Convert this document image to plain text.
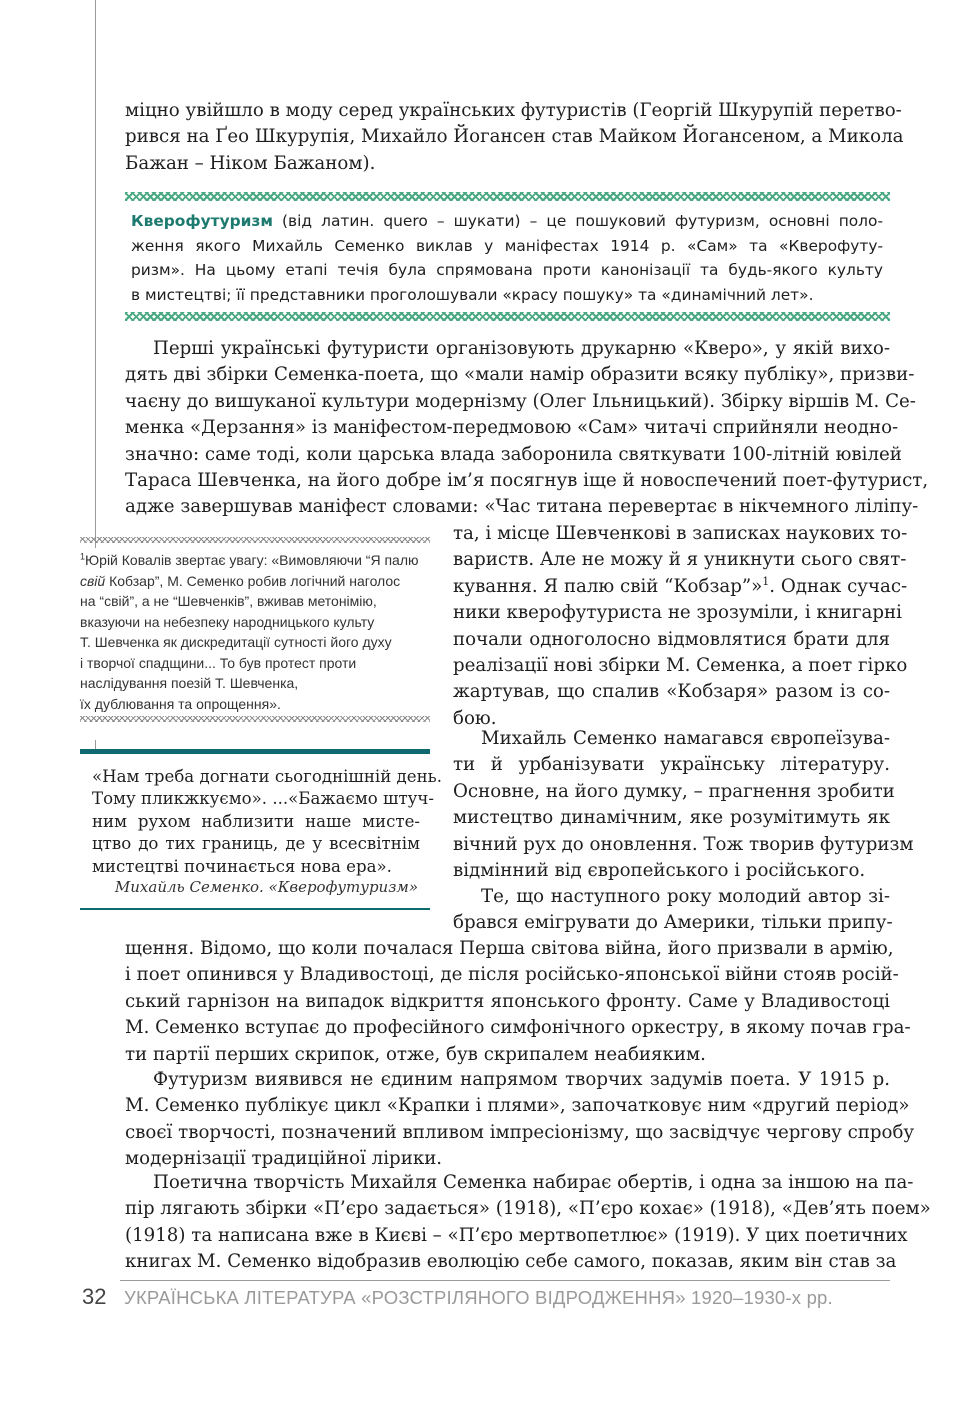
міцно увійшло в моду серед українських футуристів (Георгій Шкурупій перетво-
рився на Ґео Шкурупія, Михайло Йогансен став Майком Йогансеном, а Микола
Бажан – Ніком Бажаном).
Кверофутуризм (від латин. quero – шукати) – це пошуковий футуризм, основні поло-
ження якого Михайль Семенко виклав у маніфестах 1914 р. «Сам» та «Кверофуту-
ризм». На цьому етапі течія була спрямована проти канонізації та будь-якого культу
в мистецтві; її представники проголошували «красу пошуку» та «динамічний лет».
Перші українські футуристи організовують друкарню «Кверо», у якій вихо-
дять дві збірки Семенка-поета, що «мали намір образити всяку публіку», призви-
чаєну до вишуканої культури модернізму (Олег Ільницький). Збірку віршів М. Се-
менка «Дерзання» із маніфестом-передмовою «Сам» читачі сприйняли неодно-
значно: саме тоді, коли царська влада заборонила святкувати 100-літній ювілей
Тараса Шевченка, на його добре ім’я посягнув іще й новоспечений поет-футурист,
адже завершував маніфест словами: «Час титана перевертає в нікчемного ліліпу-
та, і місце Шевченкові в записках наукових то-
вариств. Але не можу й я уникнути сього свят-
кування. Я палю свій “Кобзар”»$^1$. Однак сучас-
ники кверофутуриста не зрозуміли, і книгарні
почали одноголосно відмовлятися брати для
реалізації нові збірки М. Семенка, а поет гірко
жартував, що спалив «Кобзаря» разом із со-
бою.
Михайль Семенко намагався європеїзува-
ти й урбанізувати українську літературу.
Основне, на його думку, – прагнення зробити
мистецтво динамічним, яке розумітимуть як
вічний рух до оновлення. Тож творив футуризм
відмінний від європейського і російського.
Те, що наступного року молодий автор зі-
брався емігрувати до Америки, тільки припу-
щення. Відомо, що коли почалася Перша світова війна, його призвали в армію,
і поет опинився у Владивостоці, де після російсько-японської війни стояв росій-
ський гарнізон на випадок відкриття японського фронту. Саме у Владивостоці
М. Семенко вступає до професійного симфонічного оркестру, в якому почав гра-
ти партії перших скрипок, отже, був скрипалем неабияким.
Футуризм виявився не єдиним напрямом творчих задумів поета. У 1915 р.
М. Семенко публікує цикл «Крапки і плями», започатковує ним «другий період»
своєї творчості, позначений впливом імпресіонізму, що засвідчує чергову спробу
модернізації традиційної лірики.
Поетична творчість Михайля Семенка набирає обертів, і одна за іншою на па-
пір лягають збірки «П’єро задається» (1918), «П’єро кохає» (1918), «Дев’ять поем»
(1918) та написана вже в Києві – «П’єро мертвопетлює» (1919). У цих поетичних
книгах М. Семенко відобразив еволюцію себе самого, показав, яким він став за
$^1$Юрій Ковалів звертає увагу: «Вимовляючи “Я палю
свій Кобзар”, М. Семенко робив логічний наголос
на “свій”, а не “Шевченків”, вживав метонімію,
вказуючи на небезпеку народницького культу
Т. Шевченка як дискредитації сутності його духу
і творчої спадщини... То був протест проти
наслідування поезій Т. Шевченка,
їх дублювання та опрощення».
«Нам треба догнати сьогоднішній день.
Тому пликжкуємо». ...«Бажаємо штуч-
ним рухом наблизити наше мисте-
цтво до тих границь, де у всесвітнім
мистецтві починається нова ера».
Михайль Семенко. «Кверофутуризм»
32 УКРАЇНСЬКА ЛІТЕРАТУРА «РОЗСТРІЛЯНОГО ВІДРОДЖЕННЯ» 1920–1930-х рр.
